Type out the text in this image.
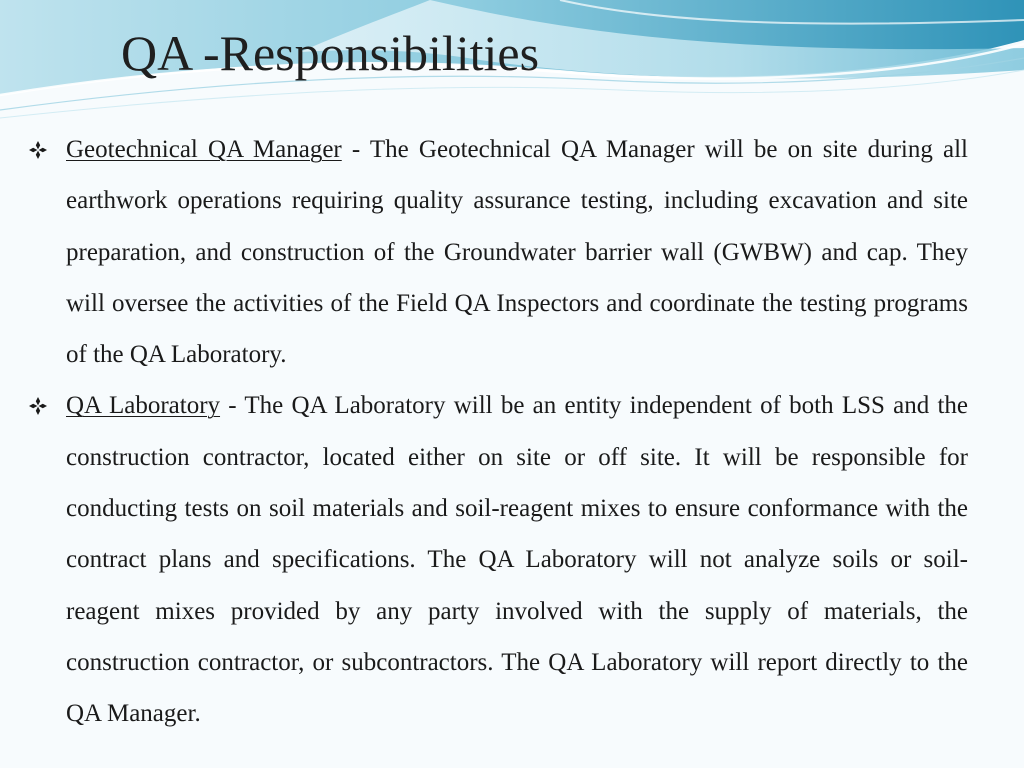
QA -Responsibilities
Geotechnical QA Manager - The Geotechnical QA Manager will be on site during all earthwork operations requiring quality assurance testing, including excavation and site preparation, and construction of the Groundwater barrier wall (GWBW) and cap. They will oversee the activities of the Field QA Inspectors and coordinate the testing programs of the QA Laboratory.
QA Laboratory - The QA Laboratory will be an entity independent of both LSS and the construction contractor, located either on site or off site. It will be responsible for conducting tests on soil materials and soil-reagent mixes to ensure conformance with the contract plans and specifications. The QA Laboratory will not analyze soils or soil-reagent mixes provided by any party involved with the supply of materials, the construction contractor, or subcontractors. The QA Laboratory will report directly to the QA Manager.
